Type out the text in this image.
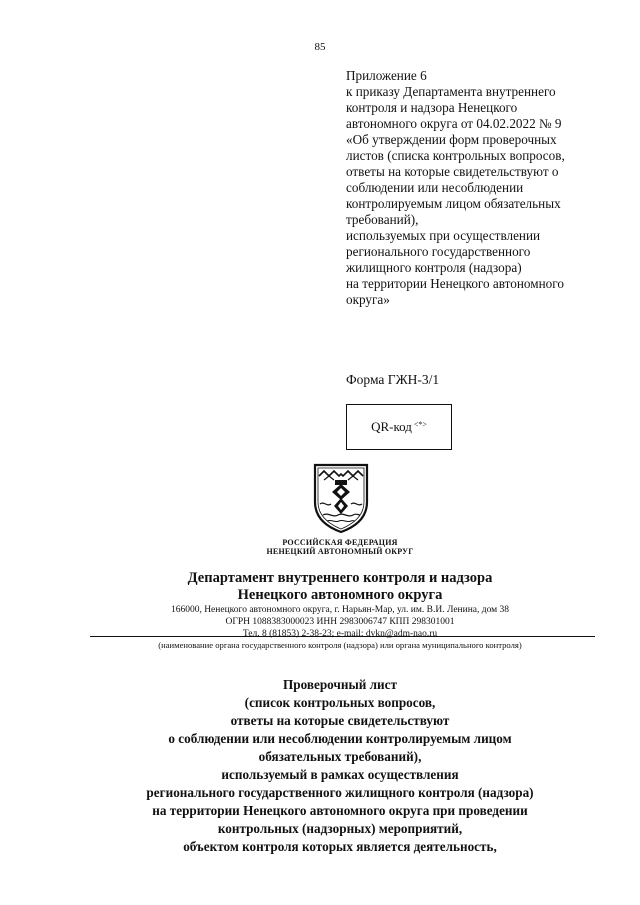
85
Приложение 6
к приказу Департамента внутреннего
контроля и надзора Ненецкого
автономного округа от 04.02.2022 № 9
«Об утверждении форм проверочных
листов (списка контрольных вопросов,
ответы на которые свидетельствуют о
соблюдении или несоблюдении
контролируемым лицом обязательных
требований),
используемых при осуществлении
регионального государственного
жилищного контроля (надзора)
на территории Ненецкого автономного
округа»
Форма ГЖН-3/1
QR-код <*>
РОССИЙСКАЯ ФЕДЕРАЦИЯ
НЕНЕЦКИЙ АВТОНОМНЫЙ ОКРУГ
Департамент внутреннего контроля и надзора
Ненецкого автономного округа
166000, Ненецкого автономного округа, г. Нарьян-Мар, ул. им. В.И. Ленина, дом 38
ОГРН 1088383000023 ИНН 2983006747 КПП 298301001
Тел. 8 (81853) 2-38-23; e-mail: dvkn@adm-nao.ru
(наименование органа государственного контроля (надзора) или органа муниципального контроля)
Проверочный лист
(список контрольных вопросов,
ответы на которые свидетельствуют
о соблюдении или несоблюдении контролируемым лицом
обязательных требований),
используемый в рамках осуществления
регионального государственного жилищного контроля (надзора)
на территории Ненецкого автономного округа при проведении
контрольных (надзорных) мероприятий,
объектом контроля которых является деятельность,
